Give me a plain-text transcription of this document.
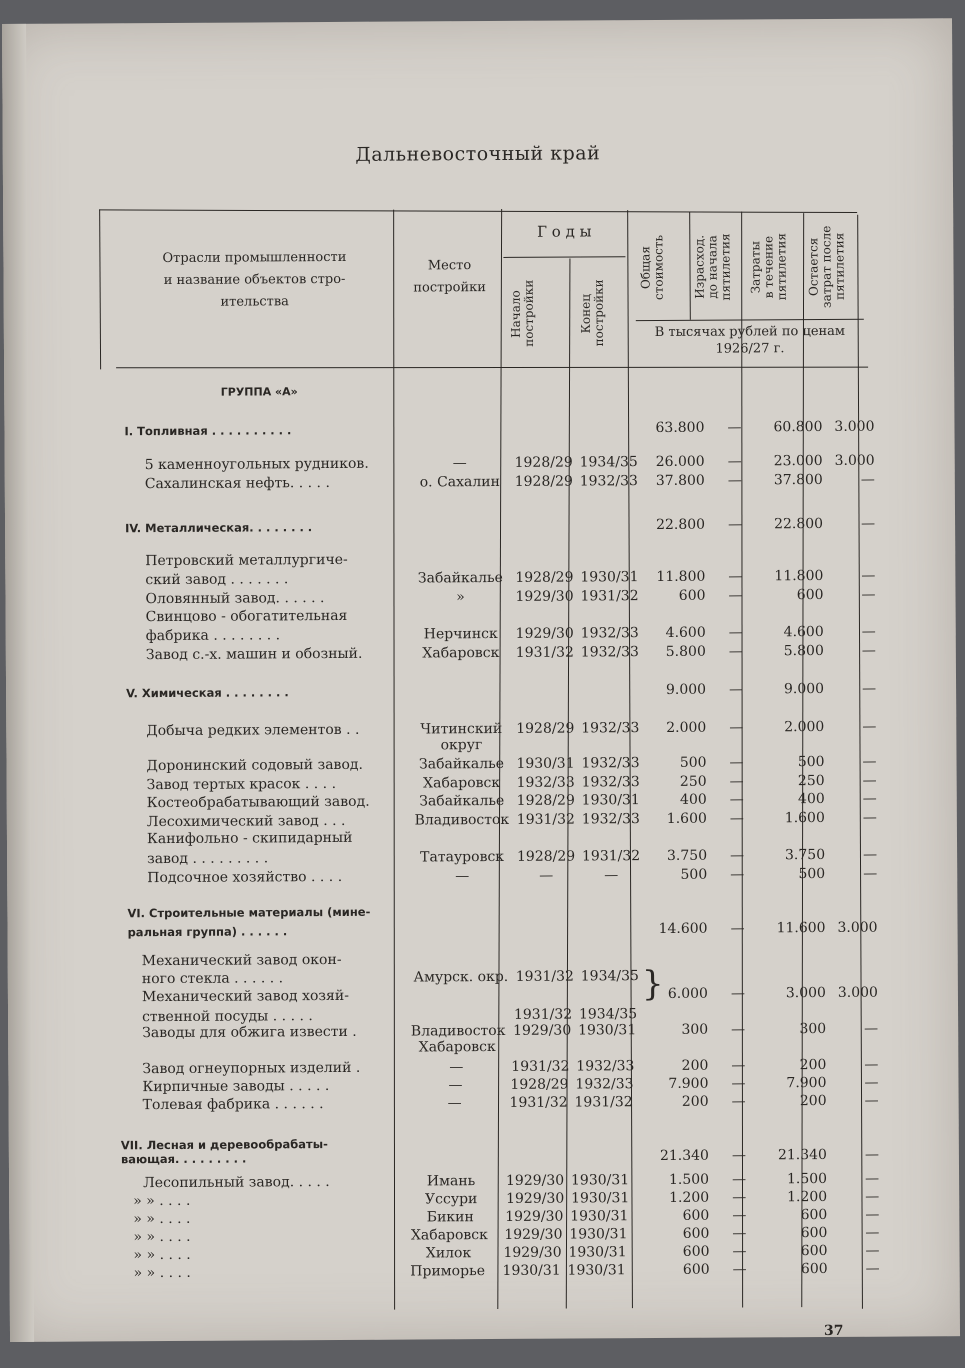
Дальневосточный край
Отрасли промышленности
и название объектов стро-
ительства
Место
постройки
Г о д ы
Начало
постройки	Конец
постройки
Общая
стоимость	Израсход.
до начала
пятилетия	Затраты
в течение
пятилетия	Остается
затрат после
пятилетия
В тысячах рублей по ценам
1926/27 г.
ГРУППА «А»
I. Топливная . . . . . . . . . .	63.800	—	60.800 3.000
5 каменноугольных рудников.	—	1928/29 1934/35	26.000	—	23.000 3.000
Сахалинская нефть. . . . .	о. Сахалин	1928/29 1932/33	37.800	—	37.800	—
IV. Металлическая. . . . . . . .	22.800	—	22.800	—
Петровский металлургиче-
ский завод . . . . . . .	Забайкалье 1928/29 1930/31	11.800	—	11.800	—
Оловянный завод. . . . . .	»	1929/30 1931/32	600	—	600	—
Свинцово - обогатительная
фабрика . . . . . . . .	Нерчинск	1929/30 1932/33	4.600	—	4.600	—
Завод с.-х. машин и обозный.	Хабаровск	1931/32 1932/33	5.800	—	5.800	—
V. Химическая . . . . . . . .	9.000	—	9.000	—
Добыча редких элементов . .	Читинский 1928/29 1932/33	2.000	—	2.000	—
округ
Доронинский содовый завод.	Забайкалье 1930/31 1932/33	500	—	500	—
Завод тертых красок . . . .	Хабаровск	1932/33 1932/33	250	—	250	—
Костеобрабатывающий завод.	Забайкалье 1928/29 1930/31	400	—	400	—
Лесохимический завод . . .	Владивосток 1931/32 1932/33	1.600	—	1.600	—
Канифольно - скипидарный
завод . . . . . . . . .	Татауровск 1928/29 1931/32	3.750	—	3.750	—
Подсочное хозяйство . . . .	—	—	—	500	—	500	—
VI. Строительные материалы (мине-
ральная группа) . . . . . .	14.600	—	11.600 3.000
Механический завод окон-
ного стекла . . . . . .	Амурск. окр. 1931/32 1934/35
Механический завод хозяй-	6.000	—	3.000 3.000
ственной посуды . . . . .	1931/32 1934/35
Заводы для обжига извести .	Владивосток 1929/30 1930/31	300	—	300	—
Хабаровск
Завод огнеупорных изделий .	—	1931/32 1932/33	200	—	200	—
Кирпичные заводы . . . . .	—	1928/29 1932/33	7.900	—	7.900	—
Толевая фабрика . . . . . .	—	1931/32 1931/32	200	—	200	—
VII. Лесная и деревообрабаты-
вающая. . . . . . . . .	21.340	—	21.340	—
Лесопильный завод. . . . .	Имань	1929/30 1930/31	1.500	—	1.500	—
» » . . . .	Уссури	1929/30 1930/31	1.200	—	1.200	—
» » . . . .	Бикин	1929/30 1930/31	600	—	600	—
» » . . . .	Хабаровск	1929/30 1930/31	600	—	600	—
» » . . . .	Хилок	1929/30 1930/31	600	—	600	—
» » . . . .	Приморье	1930/31 1930/31	600	—	600	—
}
37
